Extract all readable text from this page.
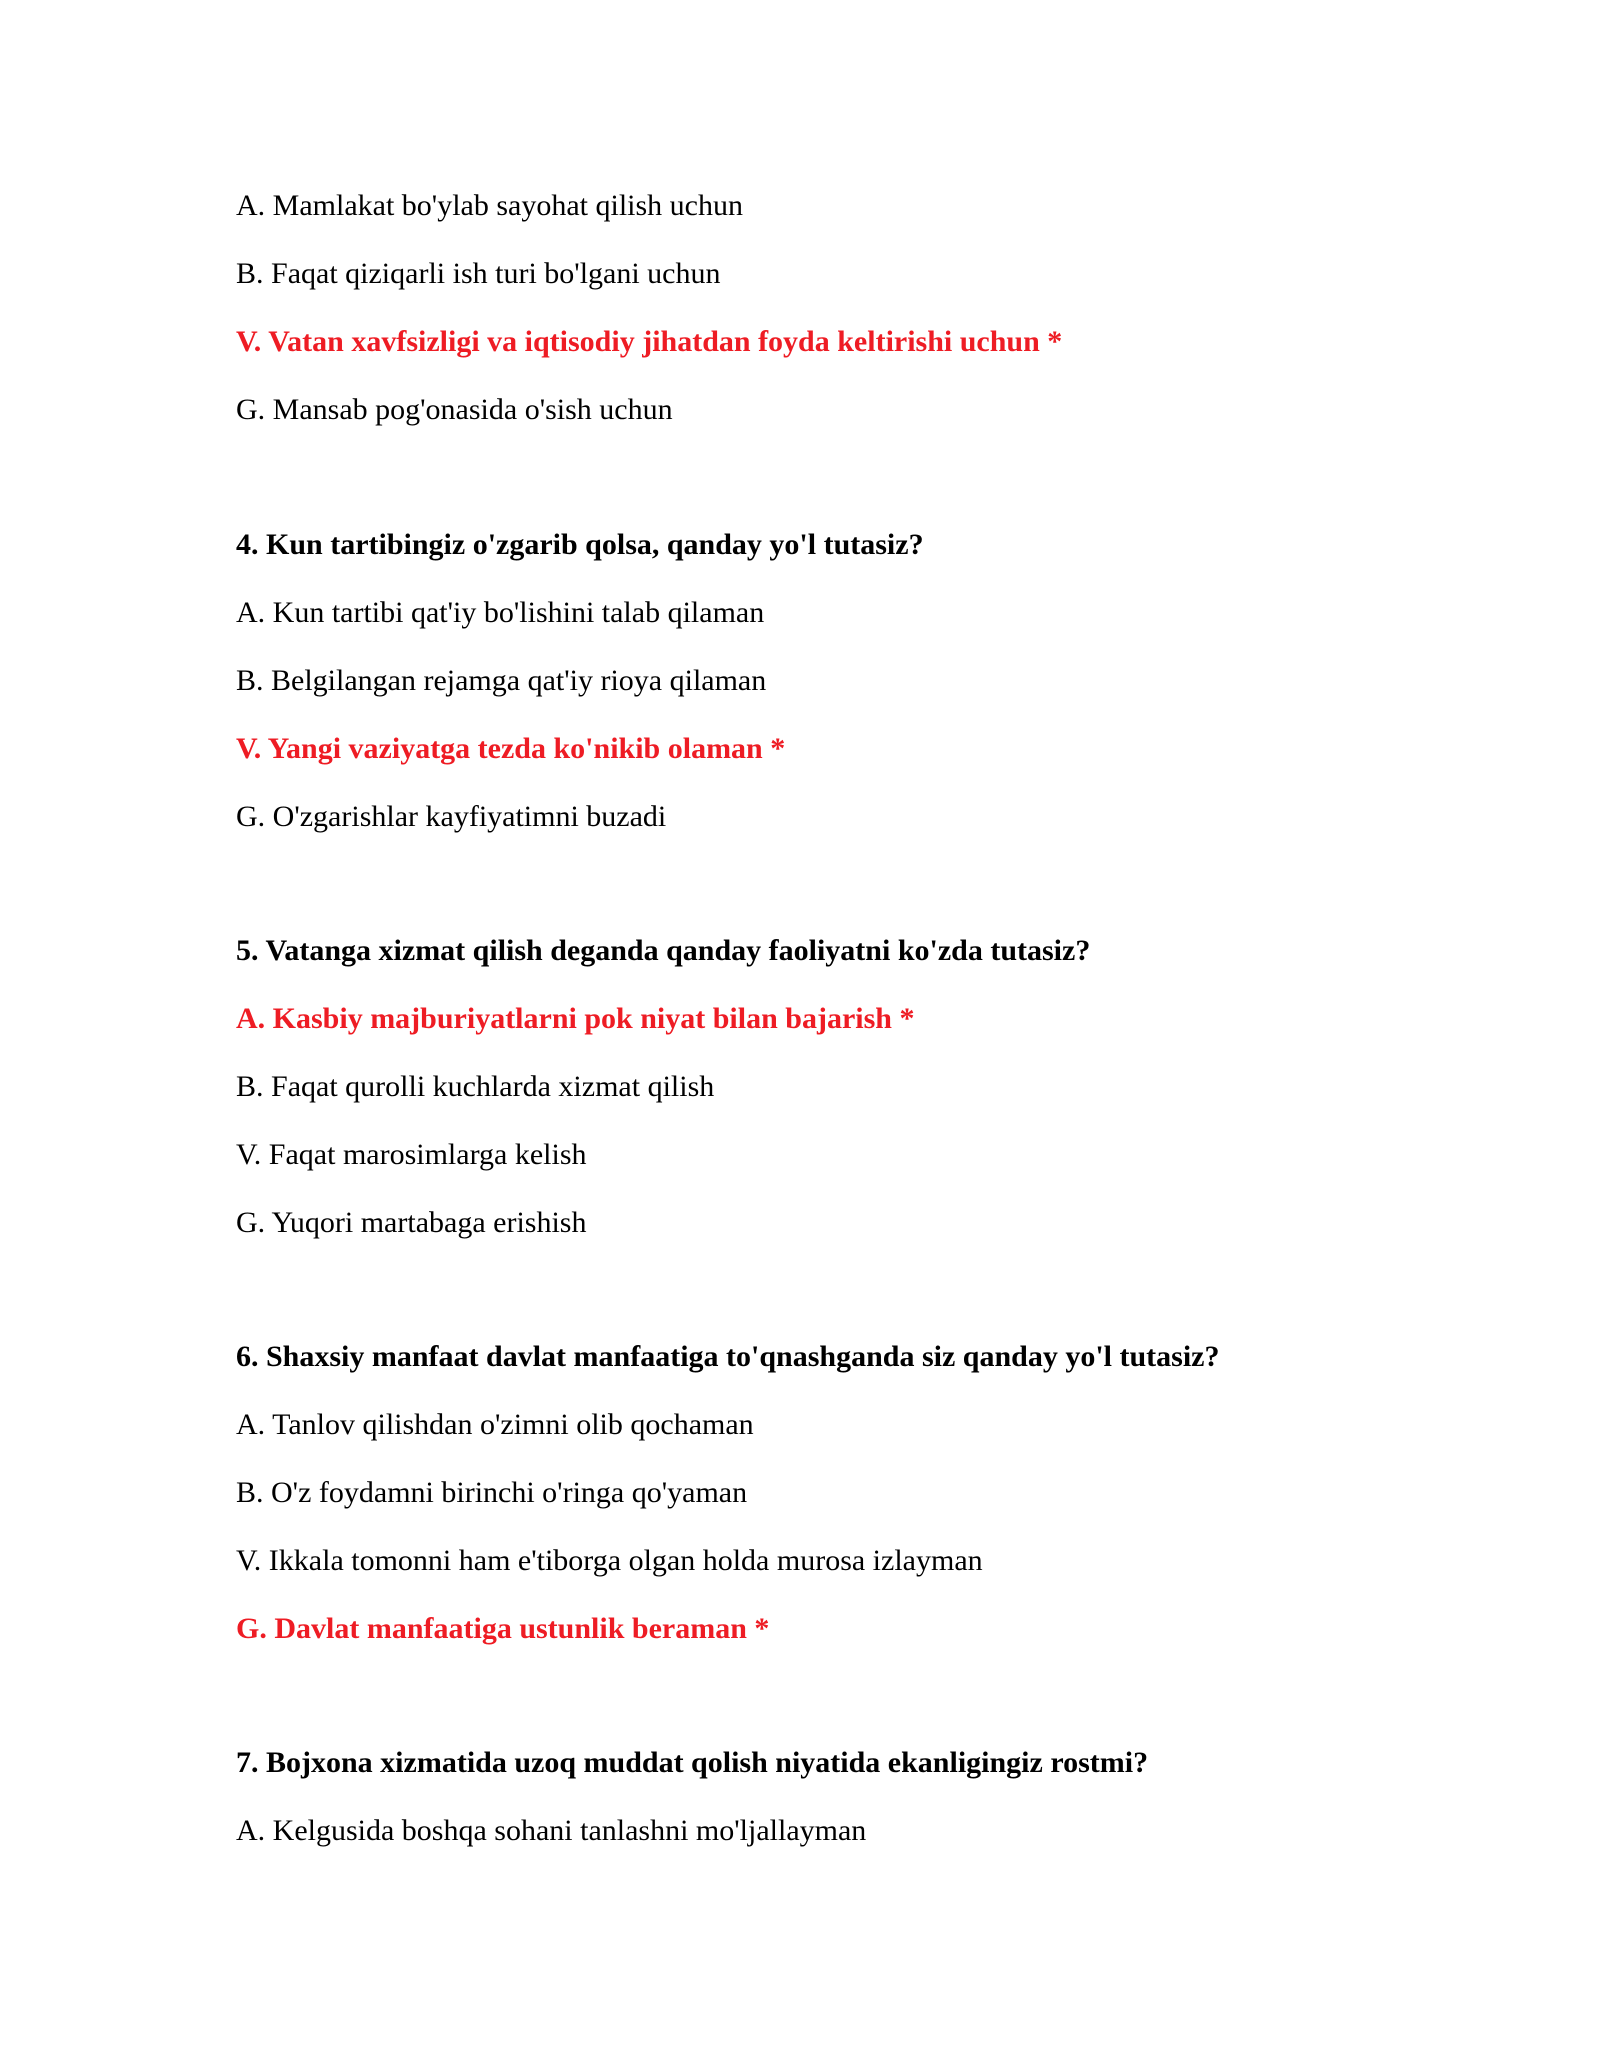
A. Mamlakat bo'ylab sayohat qilish uchun
B. Faqat qiziqarli ish turi bo'lgani uchun
V. Vatan xavfsizligi va iqtisodiy jihatdan foyda keltirishi uchun *
G. Mansab pog'onasida o'sish uchun
4. Kun tartibingiz o'zgarib qolsa, qanday yo'l tutasiz?
A. Kun tartibi qat'iy bo'lishini talab qilaman
B. Belgilangan rejamga qat'iy rioya qilaman
V. Yangi vaziyatga tezda ko'nikib olaman *
G. O'zgarishlar kayfiyatimni buzadi
5. Vatanga xizmat qilish deganda qanday faoliyatni ko'zda tutasiz?
A. Kasbiy majburiyatlarni pok niyat bilan bajarish *
B. Faqat qurolli kuchlarda xizmat qilish
V. Faqat marosimlarga kelish
G. Yuqori martabaga erishish
6. Shaxsiy manfaat davlat manfaatiga to'qnashganda siz qanday yo'l tutasiz?
A. Tanlov qilishdan o'zimni olib qochaman
B. O'z foydamni birinchi o'ringa qo'yaman
V. Ikkala tomonni ham e'tiborga olgan holda murosa izlayman
G. Davlat manfaatiga ustunlik beraman *
7. Bojxona xizmatida uzoq muddat qolish niyatida ekanligingiz rostmi?
A. Kelgusida boshqa sohani tanlashni mo'ljallayman
